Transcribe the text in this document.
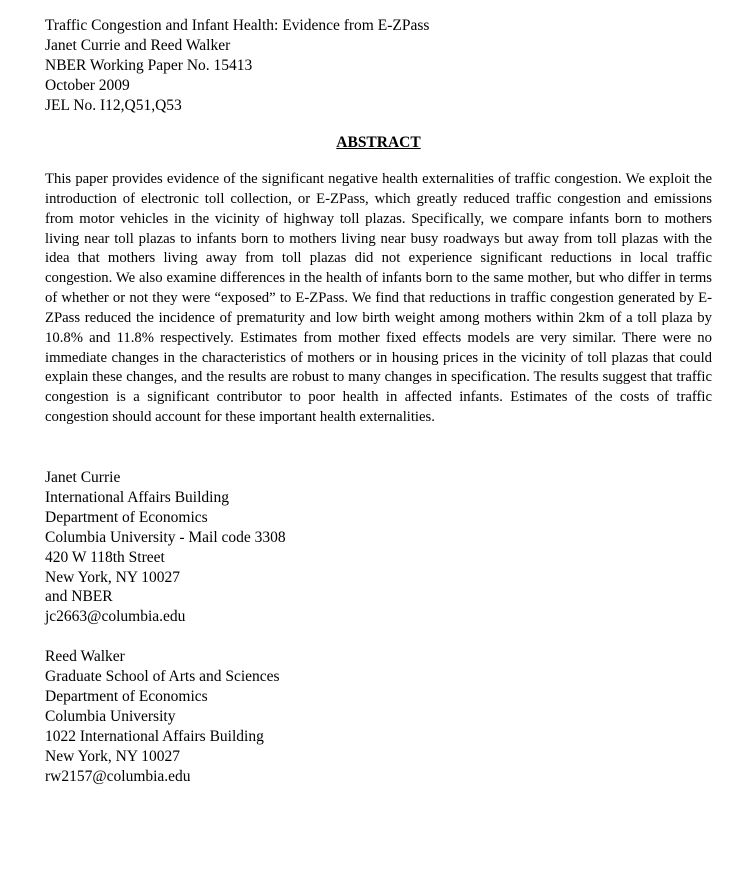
Traffic Congestion and Infant Health: Evidence from E-ZPass
Janet Currie and Reed Walker
NBER Working Paper No. 15413
October 2009
JEL No. I12,Q51,Q53
ABSTRACT

This paper provides evidence of the significant negative health externalities of traffic congestion. We exploit the introduction of electronic toll collection, or E-ZPass, which greatly reduced traffic congestion and emissions from motor vehicles in the vicinity of highway toll plazas. Specifically, we compare infants born to mothers living near toll plazas to infants born to mothers living near busy roadways but away from toll plazas with the idea that mothers living away from toll plazas did not experience significant reductions in local traffic congestion. We also examine differences in the health of infants born to the same mother, but who differ in terms of whether or not they were “exposed” to E-ZPass. We find that reductions in traffic congestion generated by E-ZPass reduced the incidence of prematurity and low birth weight among mothers within 2km of a toll plaza by 10.8% and 11.8% respectively. Estimates from mother fixed effects models are very similar. There were no immediate changes in the characteristics of mothers or in housing prices in the vicinity of toll plazas that could explain these changes, and the results are robust to many changes in specification. The results suggest that traffic congestion is a significant contributor to poor health in affected infants. Estimates of the costs of traffic congestion should account for these important health externalities.

Janet Currie
International Affairs Building
Department of Economics
Columbia University - Mail code 3308
420 W 118th Street
New York, NY 10027
and NBER
jc2663@columbia.edu
Reed Walker
Graduate School of Arts and Sciences
Department of Economics
Columbia University
1022 International Affairs Building
New York, NY 10027
rw2157@columbia.edu
